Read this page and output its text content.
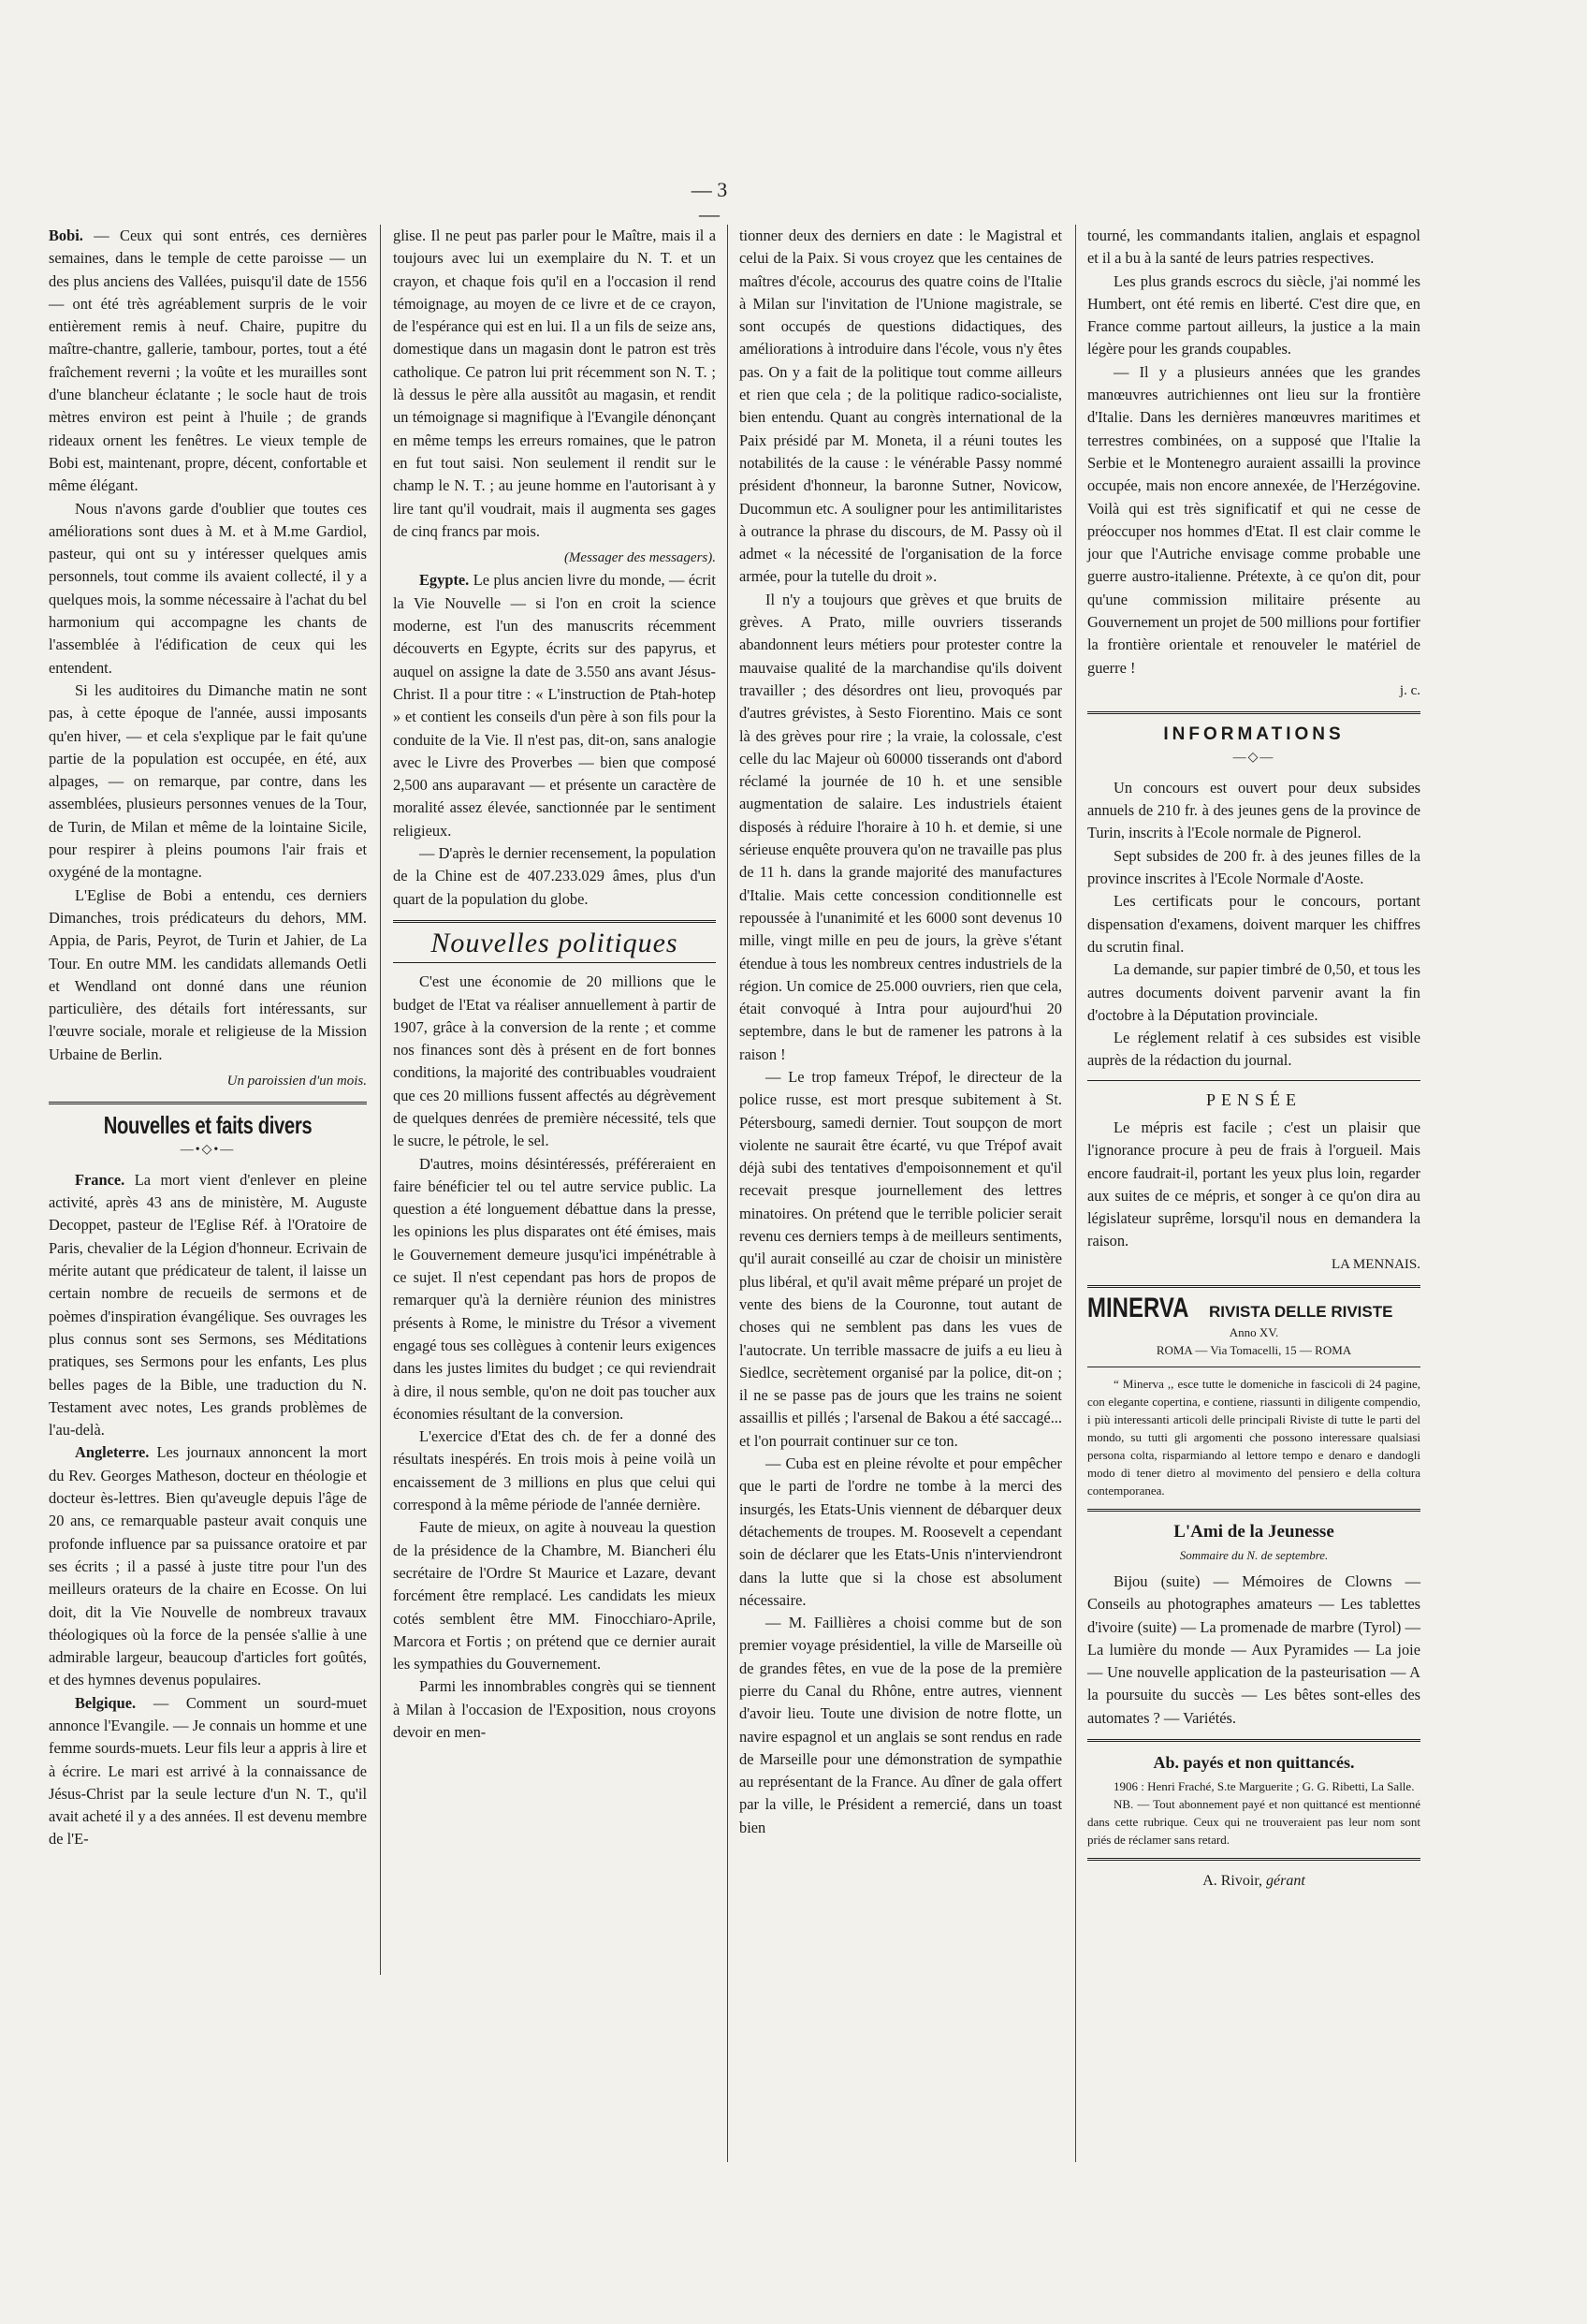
— 3 —

Bobi. — Ceux qui sont entrés, ces dernières semaines, dans le temple de cette paroisse — un des plus anciens des Vallées, puisqu'il date de 1556 — ont été très agréablement surpris de le voir entièrement remis à neuf. Chaire, pupitre du maître-chantre, gallerie, tambour, portes, tout a été fraîchement reverni ; la voûte et les murailles sont d'une blancheur éclatante ; le socle haut de trois mètres environ est peint à l'huile ; de grands rideaux ornent les fenêtres. Le vieux temple de Bobi est, maintenant, propre, décent, confortable et même élégant.

Nous n'avons garde d'oublier que toutes ces améliorations sont dues à M. et à M.me Gardiol, pasteur, qui ont su y intéresser quelques amis personnels, tout comme ils avaient collecté, il y a quelques mois, la somme nécessaire à l'achat du bel harmonium qui accompagne les chants de l'assemblée à l'édification de ceux qui les entendent.

Si les auditoires du Dimanche matin ne sont pas, à cette époque de l'année, aussi imposants qu'en hiver, — et cela s'explique par le fait qu'une partie de la population est occupée, en été, aux alpages, — on remarque, par contre, dans les assemblées, plusieurs personnes venues de la Tour, de Turin, de Milan et même de la lointaine Sicile, pour respirer à pleins poumons l'air frais et oxygéné de la montagne.

L'Eglise de Bobi a entendu, ces derniers Dimanches, trois prédicateurs du dehors, MM. Appia, de Paris, Peyrot, de Turin et Jahier, de La Tour. En outre MM. les candidats allemands Oetli et Wendland ont donné dans une réunion particulière, des détails fort intéressants, sur l'œuvre sociale, morale et religieuse de la Mission Urbaine de Berlin.

Un paroissien d'un mois.
Nouvelles et faits divers
—•◇•—

France. La mort vient d'enlever en pleine activité, après 43 ans de ministère, M. Auguste Decoppet, pasteur de l'Eglise Réf. à l'Oratoire de Paris, chevalier de la Légion d'honneur. Ecrivain de mérite autant que prédicateur de talent, il laisse un certain nombre de recueils de sermons et de poèmes d'inspiration évangélique. Ses ouvrages les plus connus sont ses Sermons, ses Méditations pratiques, ses Sermons pour les enfants, Les plus belles pages de la Bible, une traduction du N. Testament avec notes, Les grands problèmes de l'au-delà.

Angleterre. Les journaux annoncent la mort du Rev. Georges Matheson, docteur en théologie et docteur ès-lettres. Bien qu'aveugle depuis l'âge de 20 ans, ce remarquable pasteur avait conquis une profonde influence par sa puissance oratoire et par ses écrits ; il a passé à juste titre pour l'un des meilleurs orateurs de la chaire en Ecosse. On lui doit, dit la Vie Nouvelle de nombreux travaux théologiques où la force de la pensée s'allie à une admirable largeur, beaucoup d'articles fort goûtés, et des hymnes devenus populaires.

Belgique. — Comment un sourd-muet annonce l'Evangile. — Je connais un homme et une femme sourds-muets. Leur fils leur a appris à lire et à écrire. Le mari est arrivé à la connaissance de Jésus-Christ par la seule lecture d'un N. T., qu'il avait acheté il y a des années. Il est devenu membre de l'E-

glise. Il ne peut pas parler pour le Maître, mais il a toujours avec lui un exemplaire du N. T. et un crayon, et chaque fois qu'il en a l'occasion il rend témoignage, au moyen de ce livre et de ce crayon, de l'espérance qui est en lui. Il a un fils de seize ans, domestique dans un magasin dont le patron est très catholique. Ce patron lui prit récemment son N. T. ; là dessus le père alla aussitôt au magasin, et rendit un témoignage si magnifique à l'Evangile dénonçant en même temps les erreurs romaines, que le patron en fut tout saisi. Non seulement il rendit sur le champ le N. T. ; au jeune homme en l'autorisant à y lire tant qu'il voudrait, mais il augmenta ses gages de cinq francs par mois.

(Messager des messagers).

Egypte. Le plus ancien livre du monde, — écrit la Vie Nouvelle — si l'on en croit la science moderne, est l'un des manuscrits récemment découverts en Egypte, écrits sur des papyrus, et auquel on assigne la date de 3.550 ans avant Jésus-Christ. Il a pour titre : « L'instruction de Ptah-hotep » et contient les conseils d'un père à son fils pour la conduite de la Vie. Il n'est pas, dit-on, sans analogie avec le Livre des Proverbes — bien que composé 2,500 ans auparavant — et présente un caractère de moralité assez élevée, sanctionnée par le sentiment religieux.

— D'après le dernier recensement, la population de la Chine est de 407.233.029 âmes, plus d'un quart de la population du globe.

Nouvelles politiques

C'est une économie de 20 millions que le budget de l'Etat va réaliser annuellement à partir de 1907, grâce à la conversion de la rente ; et comme nos finances sont dès à présent en de fort bonnes conditions, la majorité des contribuables voudraient que ces 20 millions fussent affectés au dégrèvement de quelques denrées de première nécessité, tels que le sucre, le pétrole, le sel.

D'autres, moins désintéressés, préféreraient en faire bénéficier tel ou tel autre service public. La question a été longuement débattue dans la presse, les opinions les plus disparates ont été émises, mais le Gouvernement demeure jusqu'ici impénétrable à ce sujet. Il n'est cependant pas hors de propos de remarquer qu'à la dernière réunion des ministres présents à Rome, le ministre du Trésor a vivement engagé tous ses collègues à contenir leurs exigences dans les justes limites du budget ; ce qui reviendrait à dire, il nous semble, qu'on ne doit pas toucher aux économies résultant de la conversion.

L'exercice d'Etat des ch. de fer a donné des résultats inespérés. En trois mois à peine voilà un encaissement de 3 millions en plus que celui qui correspond à la même période de l'année dernière.

Faute de mieux, on agite à nouveau la question de la présidence de la Chambre, M. Biancheri élu secrétaire de l'Ordre St Maurice et Lazare, devant forcément être remplacé. Les candidats les mieux cotés semblent être MM. Finocchiaro-Aprile, Marcora et Fortis ; on prétend que ce dernier aurait les sympathies du Gouvernement.

Parmi les innombrables congrès qui se tiennent à Milan à l'occasion de l'Exposition, nous croyons devoir en men-

tionner deux des derniers en date : le Magistral et celui de la Paix. Si vous croyez que les centaines de maîtres d'école, accourus des quatre coins de l'Italie à Milan sur l'invitation de l'Unione magistrale, se sont occupés de questions didactiques, des améliorations à introduire dans l'école, vous n'y êtes pas. On y a fait de la politique tout comme ailleurs et rien que cela ; de la politique radico-socialiste, bien entendu. Quant au congrès international de la Paix présidé par M. Moneta, il a réuni toutes les notabilités de la cause : le vénérable Passy nommé président d'honneur, la baronne Sutner, Novicow, Ducommun etc. A souligner pour les antimilitaristes à outrance la phrase du discours, de M. Passy où il admet « la nécessité de l'organisation de la force armée, pour la tutelle du droit ».

Il n'y a toujours que grèves et que bruits de grèves. A Prato, mille ouvriers tisserands abandonnent leurs métiers pour protester contre la mauvaise qualité de la marchandise qu'ils doivent travailler ; des désordres ont lieu, provoqués par d'autres grévistes, à Sesto Fiorentino. Mais ce sont là des grèves pour rire ; la vraie, la colossale, c'est celle du lac Majeur où 60000 tisserands ont d'abord réclamé la journée de 10 h. et une sensible augmentation de salaire. Les industriels étaient disposés à réduire l'horaire à 10 h. et demie, si une sérieuse enquête prouvera qu'on ne travaille pas plus de 11 h. dans la grande majorité des manufactures d'Italie. Mais cette concession conditionnelle est repoussée à l'unanimité et les 6000 sont devenus 10 mille, vingt mille en peu de jours, la grève s'étant étendue à tous les nombreux centres industriels de la région. Un comice de 25.000 ouvriers, rien que cela, était convoqué à Intra pour aujourd'hui 20 septembre, dans le but de ramener les patrons à la raison !

— Le trop fameux Trépof, le directeur de la police russe, est mort presque subitement à St. Pétersbourg, samedi dernier. Tout soupçon de mort violente ne saurait être écarté, vu que Trépof avait déjà subi des tentatives d'empoisonnement et qu'il recevait presque journellement des lettres minatoires. On prétend que le terrible policier serait revenu ces derniers temps à de meilleurs sentiments, qu'il aurait conseillé au czar de choisir un ministère plus libéral, et qu'il avait même préparé un projet de vente des biens de la Couronne, tout autant de choses qui ne semblent pas dans les vues de l'autocrate. Un terrible massacre de juifs a eu lieu à Siedlce, secrètement organisé par la police, dit-on ; il ne se passe pas de jours que les trains ne soient assaillis et pillés ; l'arsenal de Bakou a été saccagé... et l'on pourrait continuer sur ce ton.

— Cuba est en pleine révolte et pour empêcher que le parti de l'ordre ne tombe à la merci des insurgés, les Etats-Unis viennent de débarquer deux détachements de troupes. M. Roosevelt a cependant soin de déclarer que les Etats-Unis n'interviendront dans la lutte que si la chose est absolument nécessaire.

— M. Faillières a choisi comme but de son premier voyage présidentiel, la ville de Marseille où de grandes fêtes, en vue de la pose de la première pierre du Canal du Rhône, entre autres, viennent d'avoir lieu. Toute une division de notre flotte, un navire espagnol et un anglais se sont rendus en rade de Marseille pour une démonstration de sympathie au représentant de la France. Au dîner de gala offert par la ville, le Président a remercié, dans un toast bien

tourné, les commandants italien, anglais et espagnol et il a bu à la santé de leurs patries respectives.

Les plus grands escrocs du siècle, j'ai nommé les Humbert, ont été remis en liberté. C'est dire que, en France comme partout ailleurs, la justice a la main légère pour les grands coupables.

— Il y a plusieurs années que les grandes manœuvres autrichiennes ont lieu sur la frontière d'Italie. Dans les dernières manœuvres maritimes et terrestres combinées, on a supposé que l'Italie la Serbie et le Montenegro auraient assailli la province occupée, mais non encore annexée, de l'Herzégovine. Voilà qui est très significatif et qui ne cesse de préoccuper nos hommes d'Etat. Il est clair comme le jour que l'Autriche envisage comme probable une guerre austro-italienne. Prétexte, à ce qu'on dit, pour qu'une commission militaire présente au Gouvernement un projet de 500 millions pour fortifier la frontière orientale et renouveler le matériel de guerre !

j. c.
INFORMATIONS
—◇—

Un concours est ouvert pour deux subsides annuels de 210 fr. à des jeunes gens de la province de Turin, inscrits à l'Ecole normale de Pignerol.

Sept subsides de 200 fr. à des jeunes filles de la province inscrites à l'Ecole Normale d'Aoste.

Les certificats pour le concours, portant dispensation d'examens, doivent marquer les chiffres du scrutin final.

La demande, sur papier timbré de 0,50, et tous les autres documents doivent parvenir avant la fin d'octobre à la Députation provinciale.

Le réglement relatif à ces subsides est visible auprès de la rédaction du journal.

PENSÉE

Le mépris est facile ; c'est un plaisir que l'ignorance procure à peu de frais à l'orgueil. Mais encore faudrait-il, portant les yeux plus loin, regarder aux suites de ce mépris, et songer à ce qu'on dira au législateur suprême, lorsqu'il nous en demandera la raison.

LA MENNAIS.
MINERVA RIVISTA DELLE RIVISTE
Anno XV.
ROMA — Via Tomacelli, 15 — ROMA

“ Minerva ,, esce tutte le domeniche in fascicoli di 24 pagine, con elegante copertina, e contiene, riassunti in diligente compendio, i più interessanti articoli delle principali Riviste di tutte le parti del mondo, su tutti gli argomenti che possono interessare qualsiasi persona colta, risparmiando al lettore tempo e denaro e dandogli modo di tener dietro al movimento del pensiero e della coltura contemporanea.

L'Ami de la Jeunesse
Sommaire du N. de septembre.

Bijou (suite) — Mémoires de Clowns — Conseils au photographes amateurs — Les tablettes d'ivoire (suite) — La promenade de marbre (Tyrol) — La lumière du monde — Aux Pyramides — La joie — Une nouvelle application de la pasteurisation — A la poursuite du succès — Les bêtes sont-elles des automates ? — Variétés.

Ab. payés et non quittancés.

1906 : Henri Fraché, S.te Marguerite ; G. G. Ribetti, La Salle.

NB. — Tout abonnement payé et non quittancé est mentionné dans cette rubrique. Ceux qui ne trouveraient pas leur nom sont priés de réclamer sans retard.

A. Rivoir, gérant
